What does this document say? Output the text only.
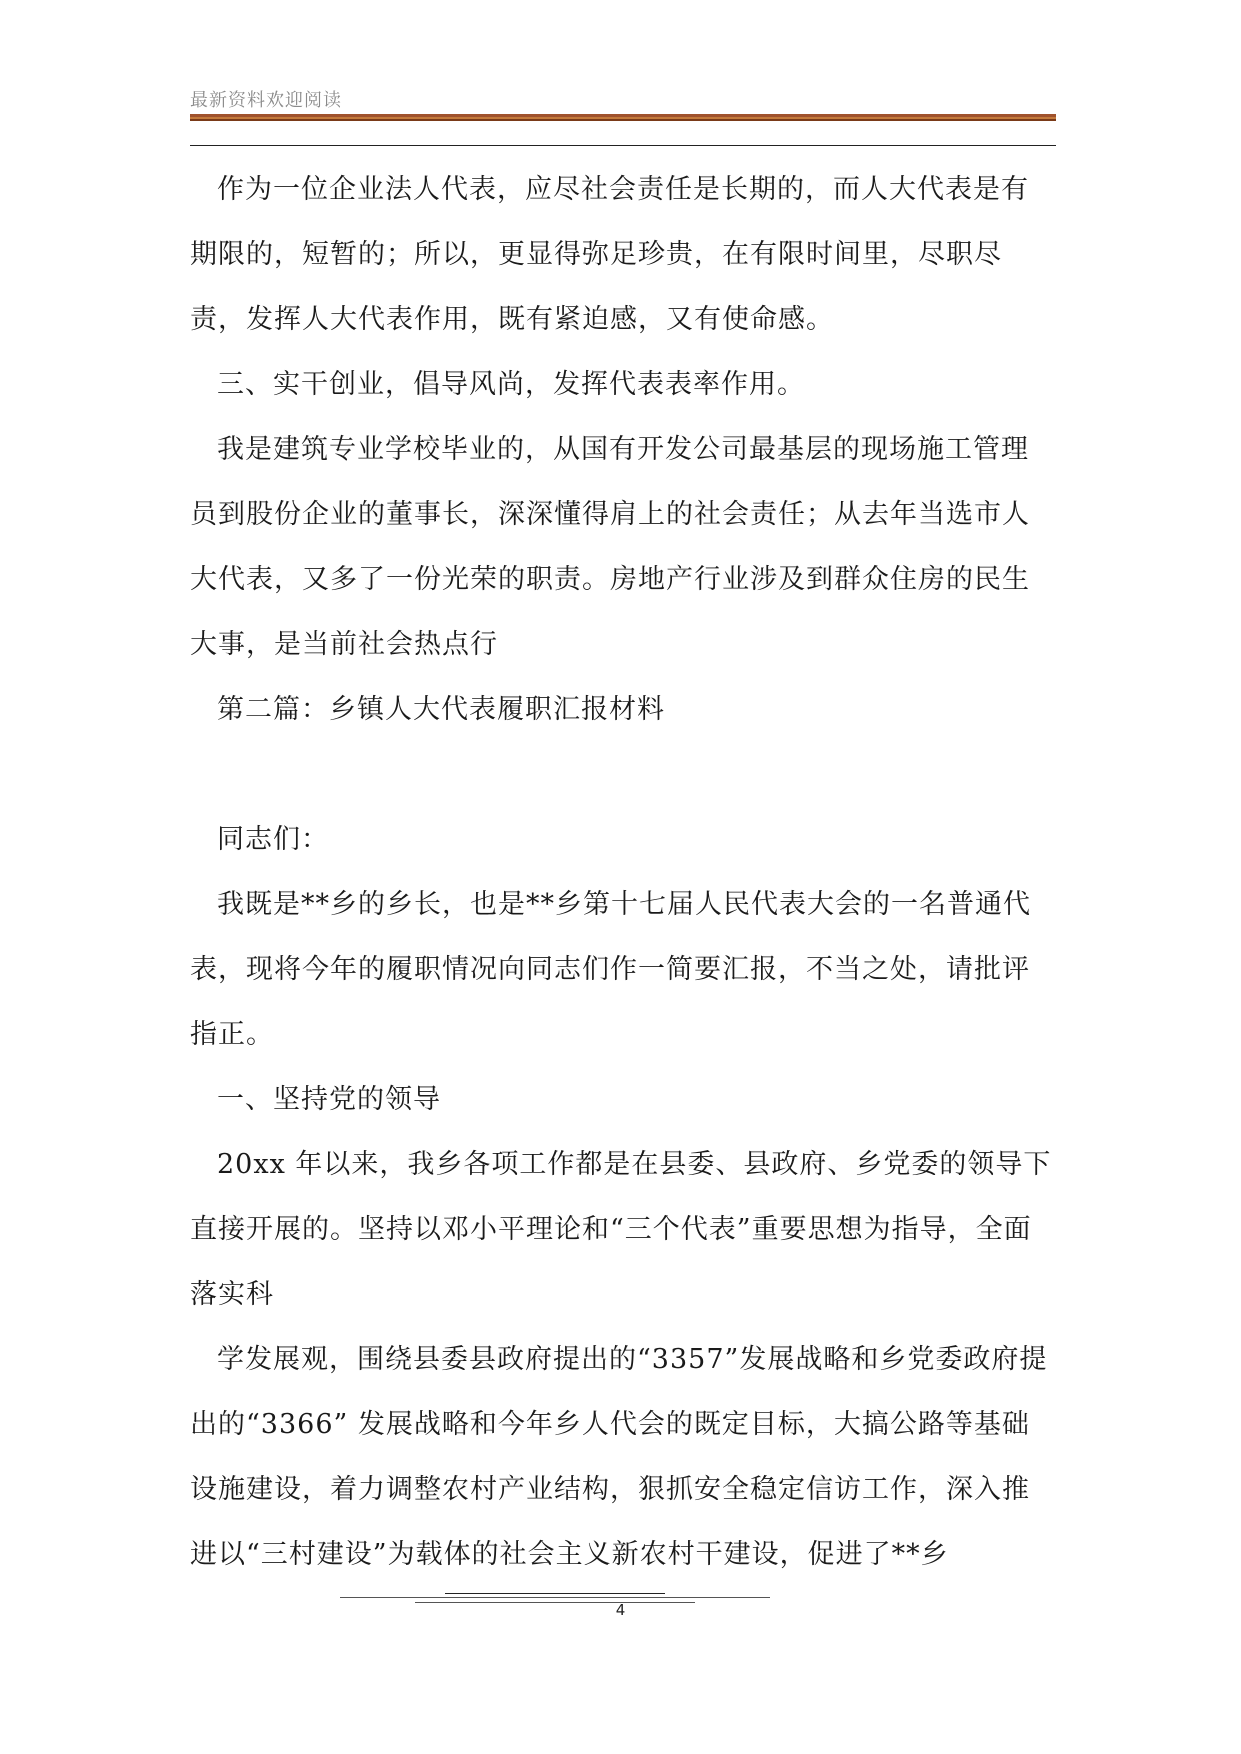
最新资料欢迎阅读

作为一位企业法人代表，应尽社会责任是长期的，而人大代表是有期限的，短暂的；所以，更显得弥足珍贵，在有限时间里，尽职尽责，发挥人大代表作用，既有紧迫感，又有使命感。

三、实干创业，倡导风尚，发挥代表表率作用。

我是建筑专业学校毕业的，从国有开发公司最基层的现场施工管理员到股份企业的董事长，深深懂得肩上的社会责任；从去年当选市人大代表，又多了一份光荣的职责。房地产行业涉及到群众住房的民生大事，是当前社会热点行

第二篇：乡镇人大代表履职汇报材料

同志们：

我既是**乡的乡长，也是**乡第十七届人民代表大会的一名普通代表，现将今年的履职情况向同志们作一简要汇报，不当之处，请批评指正。

一、坚持党的领导

20xx 年以来，我乡各项工作都是在县委、县政府、乡党委的领导下直接开展的。坚持以邓小平理论和“三个代表”重要思想为指导，全面落实科

学发展观，围绕县委县政府提出的“3357”发展战略和乡党委政府提出的“3366” 发展战略和今年乡人代会的既定目标，大搞公路等基础设施建设，着力调整农村产业结构，狠抓安全稳定信访工作，深入推进以“三村建设”为载体的社会主义新农村干建设，促进了**乡

4
